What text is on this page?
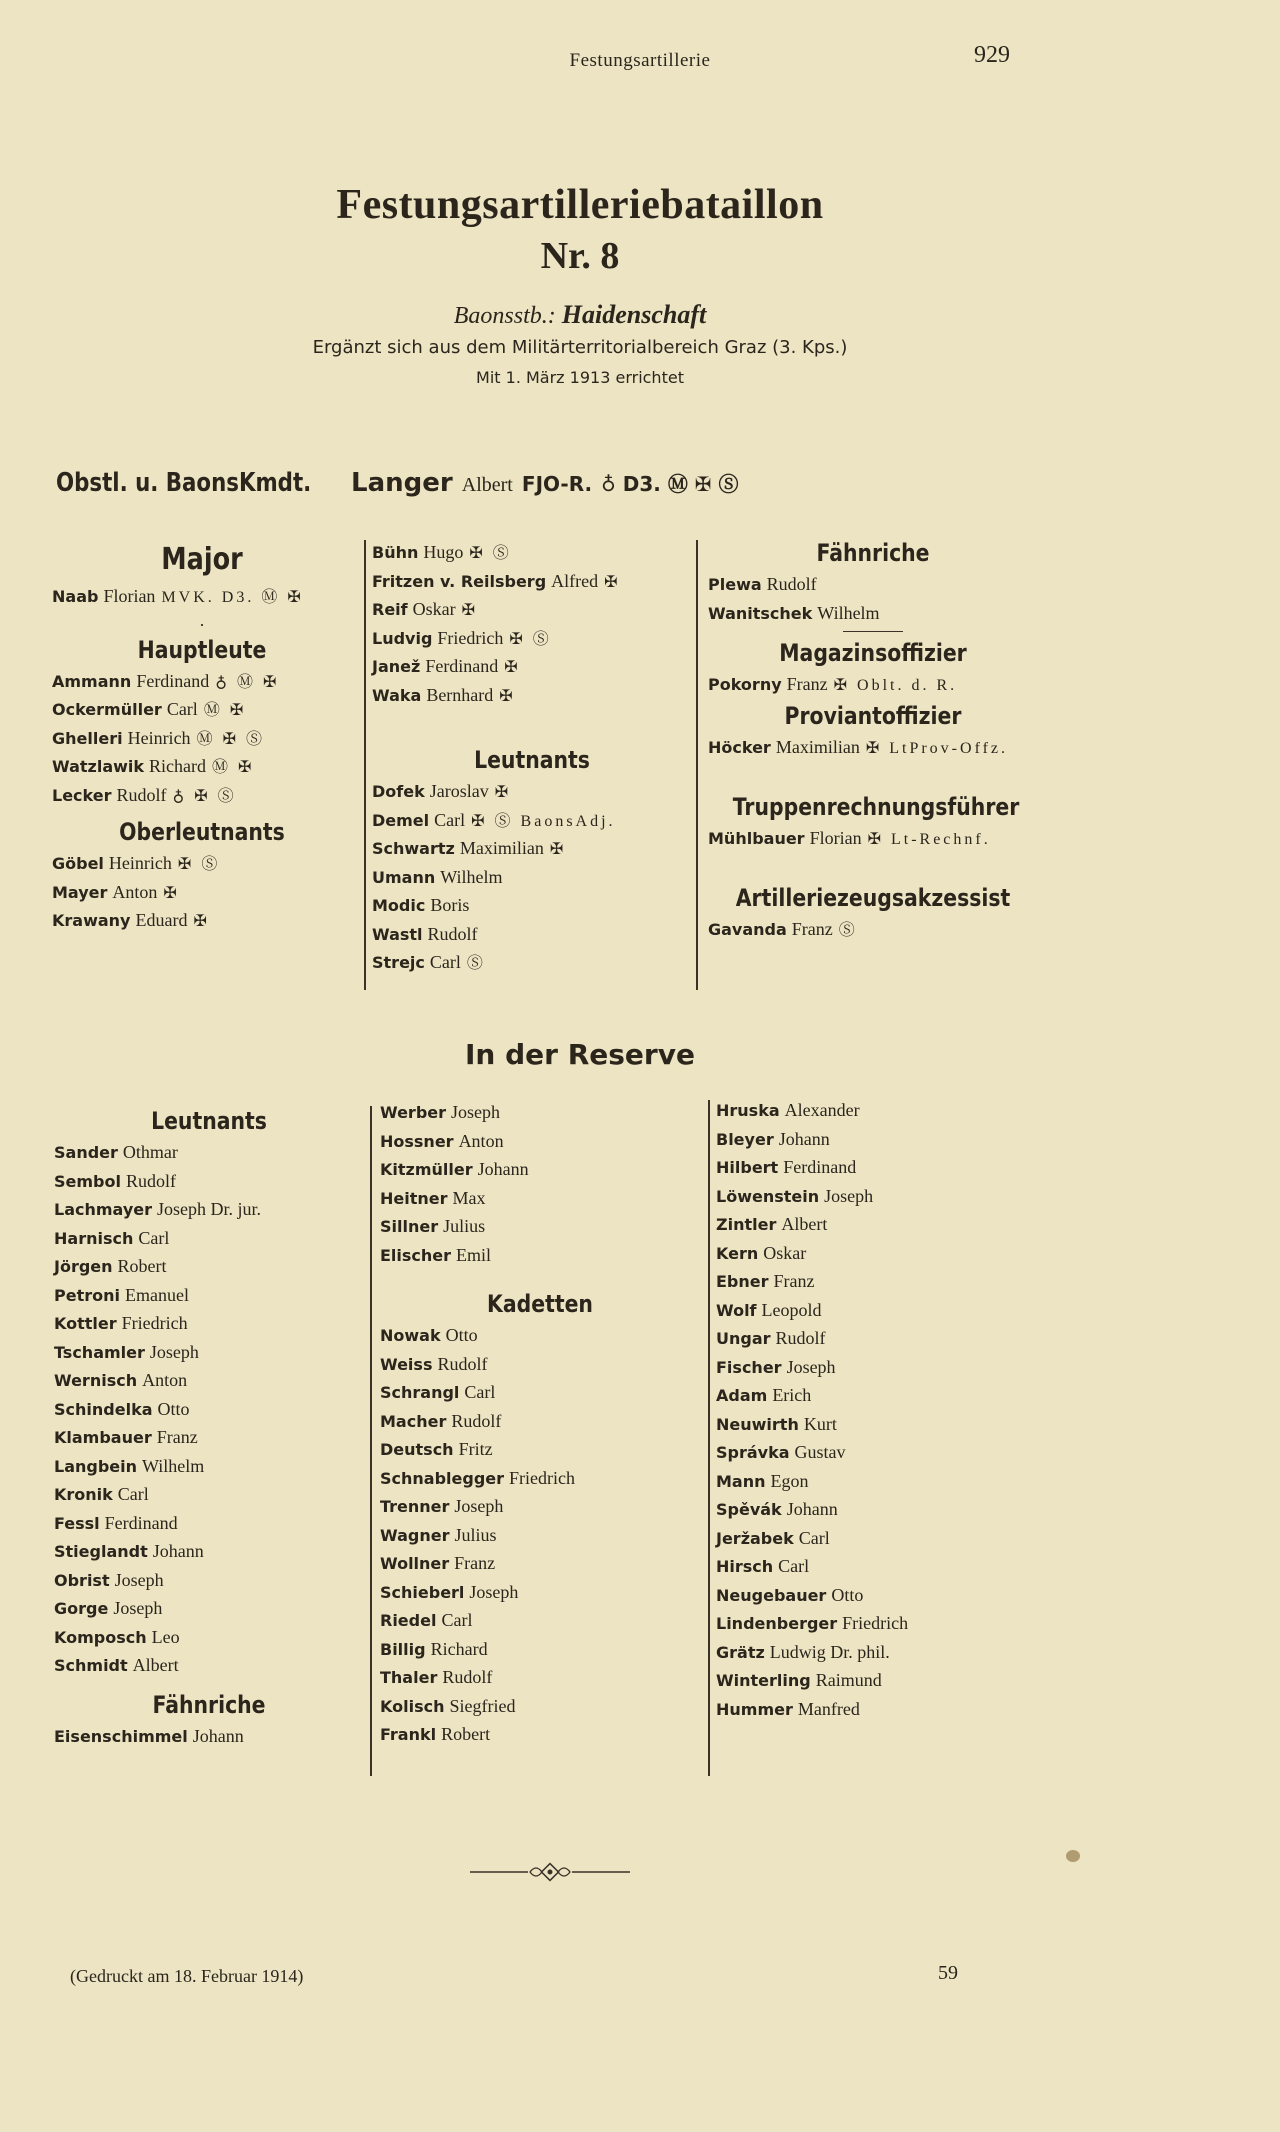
Festungsartillerie	929
Festungsartilleriebataillon
Nr. 8
Baonsstb.: Haidenschaft
Ergänzt sich aus dem Militärterritorialbereich Graz (3. Kps.)
Mit 1. März 1913 errichtet
Obstl. u. BaonsKmdt. Langer Albert FJO-R. ♁ D3. Ⓜ ✠ Ⓢ
Major
Naab Florian MVK. D3. Ⓜ ✠
·
Hauptleute
Ammann Ferdinand ♁ Ⓜ ✠
Ockermüller Carl Ⓜ ✠
Ghelleri Heinrich Ⓜ ✠ Ⓢ
Watzlawik Richard Ⓜ ✠
Lecker Rudolf ♁ ✠ Ⓢ
Oberleutnants
Göbel Heinrich ✠ Ⓢ
Mayer Anton ✠
Krawany Eduard ✠
Bühn Hugo ✠ Ⓢ
Fritzen v. Reilsberg Alfred ✠
Reif Oskar ✠
Ludvig Friedrich ✠ Ⓢ
Janež Ferdinand ✠
Waka Bernhard ✠
Leutnants
Dofek Jaroslav ✠
Demel Carl ✠ Ⓢ BaonsAdj.
Schwartz Maximilian ✠
Umann Wilhelm
Modic Boris
Wastl Rudolf
Strejc Carl Ⓢ
Fähnriche
Plewa Rudolf
Wanitschek Wilhelm
Magazinsoffizier
Pokorny Franz ✠ Oblt. d. R.
Proviantoffizier
Höcker Maximilian ✠ LtProv-Offz.
Truppenrechnungsführer
Mühlbauer Florian ✠ Lt-Rechnf.
Artilleriezeugsakzessist
Gavanda Franz Ⓢ
In der Reserve
Leutnants
Sander Othmar
Sembol Rudolf
Lachmayer Joseph Dr. jur.
Harnisch Carl
Jörgen Robert
Petroni Emanuel
Kottler Friedrich
Tschamler Joseph
Wernisch Anton
Schindelka Otto
Klambauer Franz
Langbein Wilhelm
Kronik Carl
Fessl Ferdinand
Stieglandt Johann
Obrist Joseph
Gorge Joseph
Komposch Leo
Schmidt Albert
Fähnriche
Eisenschimmel Johann
Werber Joseph
Hossner Anton
Kitzmüller Johann
Heitner Max
Sillner Julius
Elischer Emil
Kadetten
Nowak Otto
Weiss Rudolf
Schrangl Carl
Macher Rudolf
Deutsch Fritz
Schnablegger Friedrich
Trenner Joseph
Wagner Julius
Wollner Franz
Schieberl Joseph
Riedel Carl
Billig Richard
Thaler Rudolf
Kolisch Siegfried
Frankl Robert
Hruska Alexander
Bleyer Johann
Hilbert Ferdinand
Löwenstein Joseph
Zintler Albert
Kern Oskar
Ebner Franz
Wolf Leopold
Ungar Rudolf
Fischer Joseph
Adam Erich
Neuwirth Kurt
Správka Gustav
Mann Egon
Spěvák Johann
Jeržabek Carl
Hirsch Carl
Neugebauer Otto
Lindenberger Friedrich
Grätz Ludwig Dr. phil.
Winterling Raimund
Hummer Manfred
(Gedruckt am 18. Februar 1914)	59
